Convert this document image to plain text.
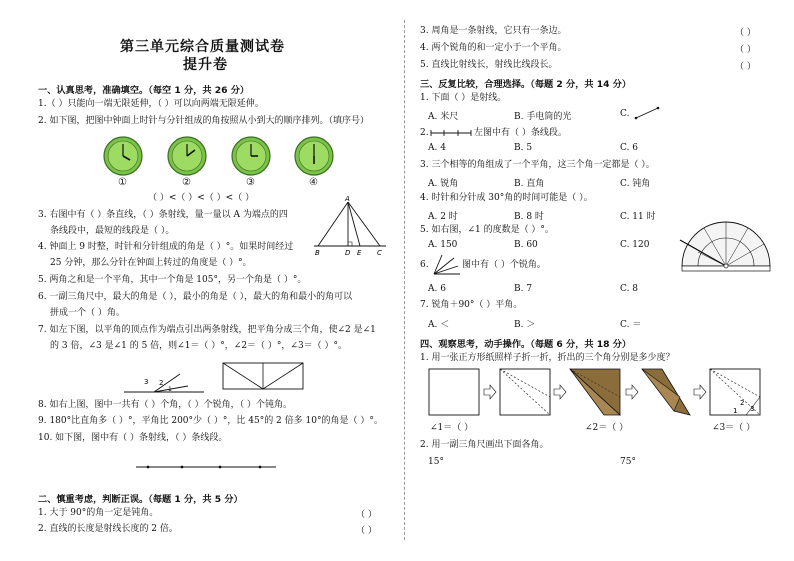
第三单元综合质量测试卷
提升卷
一、认真思考，准确填空。（每空 1 分，共 26 分）
1.（ ）只能向一端无限延伸，（ ）可以向两端无限延伸。
2. 如下图，把图中钟面上时针与分针组成的角按照从小到大的顺序排列。（填序号）
①	②	③	④
（ ）<（ ）<（ ）<（ ）
3. 右图中有（ ）条直线，（ ）条射线，量一量以 A 为端点的四
条线段中，最短的线段是（ ）。
A
B	D E C
4. 钟面上 9 时整，时针和分针组成的角是（ ）°。如果时间经过
25 分钟，那么分针在钟面上转过的角度是（ ）°。
5. 两角之和是一个平角，其中一个角是 105°，另一个角是（ ）°。
6. 一副三角尺中，最大的角是（ ），最小的角是（ ），最大的角和最小的角可以
拼成一个（ ）角。
7. 如左下图，以平角的顶点作为端点引出两条射线，把平角分成三个角，使∠2 是∠1
的 3 倍，∠3 是∠1 的 5 倍，则∠1＝（ ）°，∠2＝（ ）°，∠3＝（ ）°。
3 2
1
8. 如右上图，图中一共有（ ）个角，（ ）个锐角，（ ）个钝角。
9. 180°比直角多（ ）°，平角比 200°少（ ）°，比 45°的 2 倍多 10°的角是（ ）°。
10. 如下图，图中有（ ）条射线，（ ）条线段。
二、慎重考虑，判断正误。（每题 1 分，共 5 分）
1. 大于 90°的角一定是钝角。	（ ）
2. 直线的长度是射线长度的 2 倍。	（ ）
3. 周角是一条射线，它只有一条边。	（ ）
4. 两个锐角的和一定小于一个平角。	（ ）
5. 直线比射线长，射线比线段长。	（ ）
三、反复比较，合理选择。（每题 2 分，共 14 分）
1. 下面（ ）是射线。
A. 米尺	B. 手电筒的光	C.
2.	左图中有（ ）条线段。
A. 4	B. 5	C. 6
3. 三个相等的角组成了一个平角，这三个角一定都是（ ）。
A. 锐角	B. 直角	C. 钝角
4. 时针和分针成 30°角的时间可能是（ ）。
A. 2 时	B. 8 时	C. 11 时
5. 如右图，∠1 的度数是（ ）°。
A. 150	B. 60	C. 120
6.	图中有（ ）个锐角。
A. 6	B. 7	C. 8
7. 锐角＋90°（ ）平角。
A. ＜	B. ＞	C. ＝
四、观察思考，动手操作。（每题 6 分，共 18 分）
1. 用一张正方形纸照样子折一折，折出的三个角分别是多少度？
1
2
3
∠1＝（ ）	∠2＝（ ）	∠3＝（ ）
2. 用一副三角尺画出下面各角。
15°	75°
